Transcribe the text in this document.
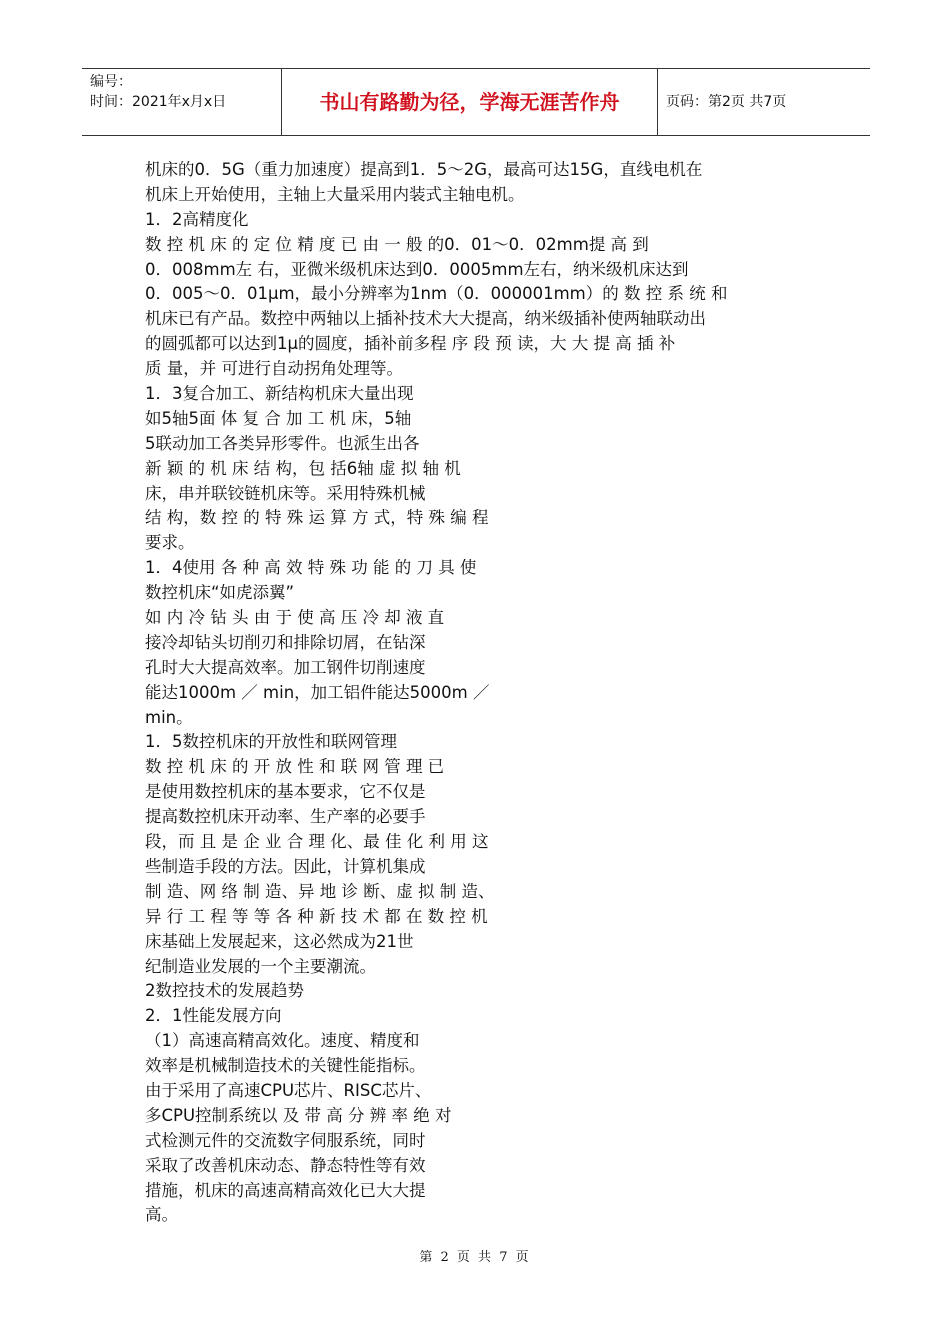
编号：
时间：2021年x月x日	书山有路勤为径，学海无涯苦作舟	页码：第2页 共7页
机床的0．5G（重力加速度）提高到1．5～2G，最高可达15G，直线电机在
机床上开始使用，主轴上大量采用内装式主轴电机。
1．2高精度化
数 控 机 床 的 定 位 精 度 已 由 一 般 的0．01～0．02mm提 高 到
0．008mm左 右，亚微米级机床达到0．0005mm左右，纳米级机床达到
0．005～0．01μm，最小分辨率为1nm（0．000001mm）的 数 控 系 统 和
机床已有产品。数控中两轴以上插补技术大大提高，纳米级插补使两轴联动出
的圆弧都可以达到1μ的圆度，插补前多程 序 段 预 读，大 大 提 高 插 补
质 量，并 可进行自动拐角处理等。
1．3复合加工、新结构机床大量出现
如5轴5面 体 复 合 加 工 机 床，5轴
5联动加工各类异形零件。也派生出各
新 颖 的 机 床 结 构，包 括6轴 虚 拟 轴 机
床，串并联铰链机床等。采用特殊机械
结 构，数 控 的 特 殊 运 算 方 式，特 殊 编 程
要求。
1．4使用 各 种 高 效 特 殊 功 能 的 刀 具 使
数控机床“如虎添翼”
如 内 冷 钻 头 由 于 使 高 压 冷 却 液 直
接冷却钻头切削刃和排除切屑，在钻深
孔时大大提高效率。加工钢件切削速度
能达1000m ／ min，加工铝件能达5000m ／
min。
1．5数控机床的开放性和联网管理
数 控 机 床 的 开 放 性 和 联 网 管 理 已
是使用数控机床的基本要求，它不仅是
提高数控机床开动率、生产率的必要手
段，而 且 是 企 业 合 理 化、最 佳 化 利 用 这
些制造手段的方法。因此，计算机集成
制 造、网 络 制 造、异 地 诊 断、虚 拟 制 造、
异 行 工 程 等 等 各 种 新 技 术 都 在 数 控 机
床基础上发展起来，这必然成为21世
纪制造业发展的一个主要潮流。
2数控技术的发展趋势
2．1性能发展方向
（1）高速高精高效化。速度、精度和
效率是机械制造技术的关键性能指标。
由于采用了高速CPU芯片、RISC芯片、
多CPU控制系统以 及 带 高 分 辨 率 绝 对
式检测元件的交流数字伺服系统，同时
采取了改善机床动态、静态特性等有效
措施，机床的高速高精高效化已大大提
高。
第 2 页 共 7 页
